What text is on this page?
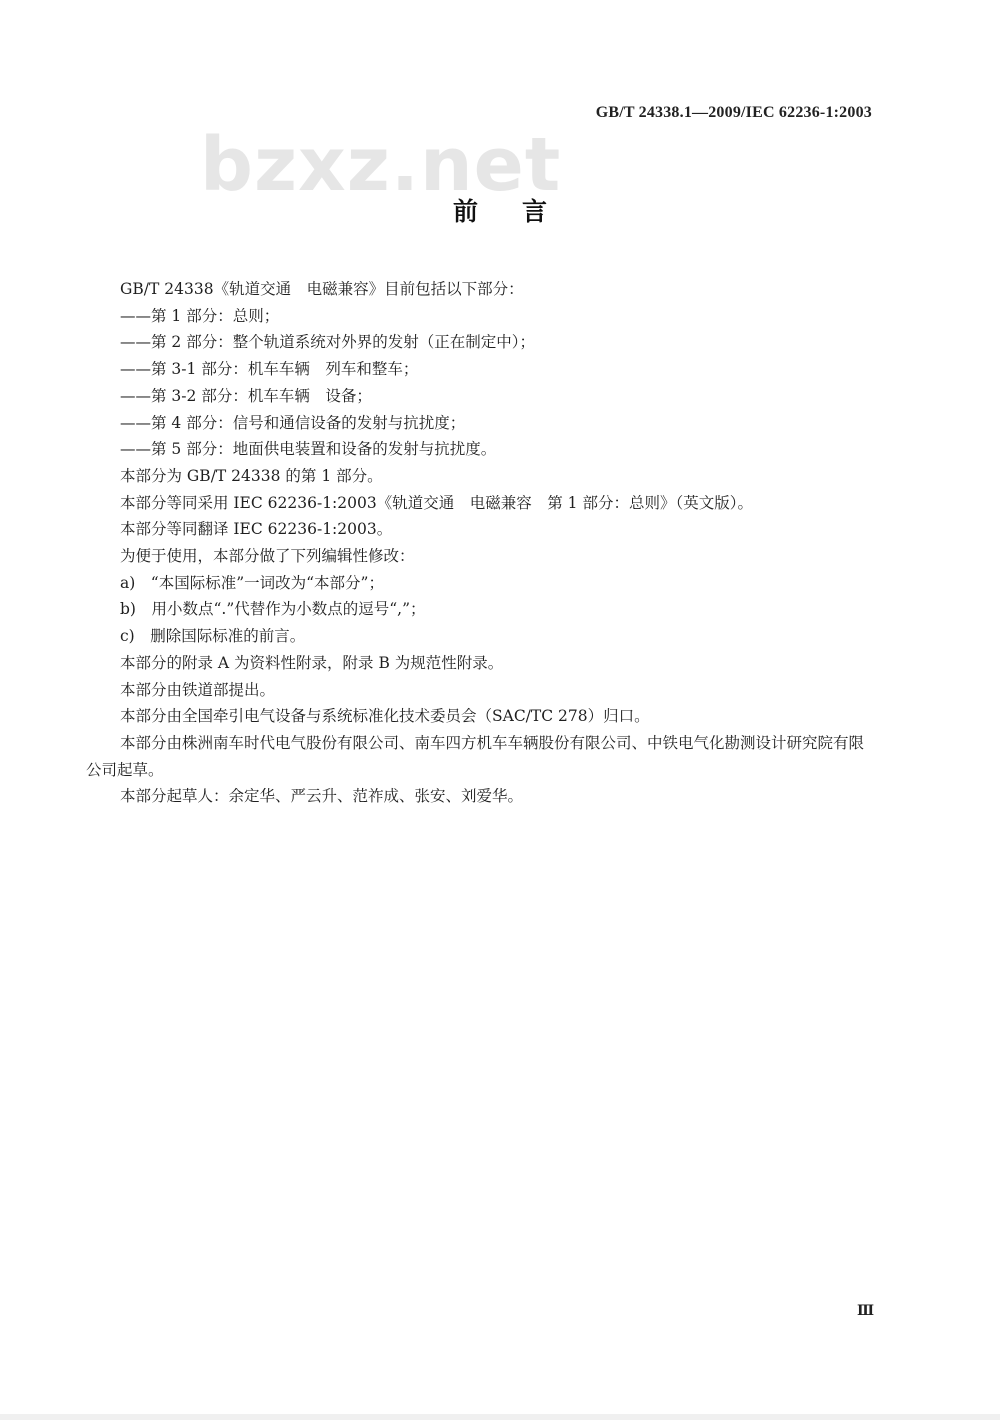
bzxz.net
GB/T 24338.1—2009/IEC 62236-1:2003
前言

GB/T 24338《轨道交通　电磁兼容》目前包括以下部分：

——第 1 部分：总则；

——第 2 部分：整个轨道系统对外界的发射（正在制定中）；

——第 3-1 部分：机车车辆　列车和整车；

——第 3-2 部分：机车车辆　设备；

——第 4 部分：信号和通信设备的发射与抗扰度；

——第 5 部分：地面供电装置和设备的发射与抗扰度。

本部分为 GB/T 24338 的第 1 部分。

本部分等同采用 IEC 62236-1:2003《轨道交通　电磁兼容　第 1 部分：总则》（英文版）。

本部分等同翻译 IEC 62236-1:2003。

为便于使用，本部分做了下列编辑性修改：

a)　“本国际标准”一词改为“本部分”；

b)　用小数点“.”代替作为小数点的逗号“,”；

c)　删除国际标准的前言。

本部分的附录 A 为资料性附录，附录 B 为规范性附录。

本部分由铁道部提出。

本部分由全国牵引电气设备与系统标准化技术委员会（SAC/TC 278）归口。

本部分由株洲南车时代电气股份有限公司、南车四方机车车辆股份有限公司、中铁电气化勘测设计研究院有限公司起草。

本部分起草人：余定华、严云升、范祚成、张安、刘爱华。

Ⅲ
